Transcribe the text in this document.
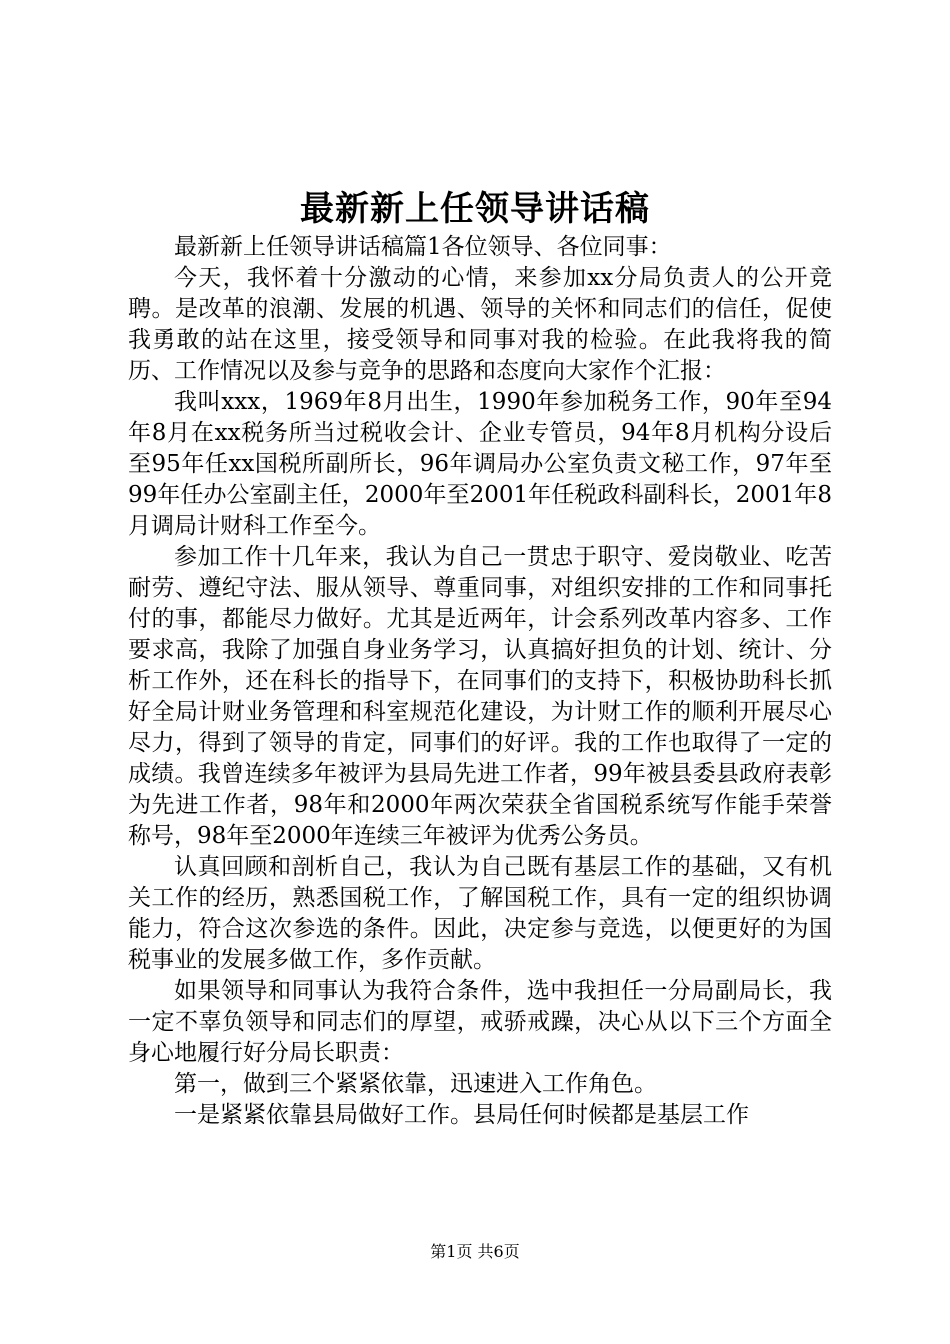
最新新上任领导讲话稿

最新新上任领导讲话稿篇1各位领导、各位同事：

今天，我怀着十分激动的心情，来参加xx分局负责人的公开竞聘。是改革的浪潮、发展的机遇、领导的关怀和同志们的信任，促使我勇敢的站在这里，接受领导和同事对我的检验。在此我将我的简历、工作情况以及参与竞争的思路和态度向大家作个汇报：

我叫xxx，1969年8月出生，1990年参加税务工作，90年至94年8月在xx税务所当过税收会计、企业专管员，94年8月机构分设后至95年任xx国税所副所长，96年调局办公室负责文秘工作，97年至99年任办公室副主任，2000年至2001年任税政科副科长，2001年8月调局计财科工作至今。

参加工作十几年来，我认为自己一贯忠于职守、爱岗敬业、吃苦耐劳、遵纪守法、服从领导、尊重同事，对组织安排的工作和同事托付的事，都能尽力做好。尤其是近两年，计会系列改革内容多、工作要求高，我除了加强自身业务学习，认真搞好担负的计划、统计、分析工作外，还在科长的指导下，在同事们的支持下，积极协助科长抓好全局计财业务管理和科室规范化建设，为计财工作的顺利开展尽心尽力，得到了领导的肯定，同事们的好评。我的工作也取得了一定的成绩。我曾连续多年被评为县局先进工作者，99年被县委县政府表彰为先进工作者，98年和2000年两次荣获全省国税系统写作能手荣誉称号，98年至2000年连续三年被评为优秀公务员。

认真回顾和剖析自己，我认为自己既有基层工作的基础，又有机关工作的经历，熟悉国税工作，了解国税工作，具有一定的组织协调能力，符合这次参选的条件。因此，决定参与竞选，以便更好的为国税事业的发展多做工作，多作贡献。

如果领导和同事认为我符合条件，选中我担任一分局副局长，我一定不辜负领导和同志们的厚望，戒骄戒躁，决心从以下三个方面全身心地履行好分局长职责：

第一，做到三个紧紧依靠，迅速进入工作角色。

一是紧紧依靠县局做好工作。县局任何时候都是基层工作

第1页 共6页
